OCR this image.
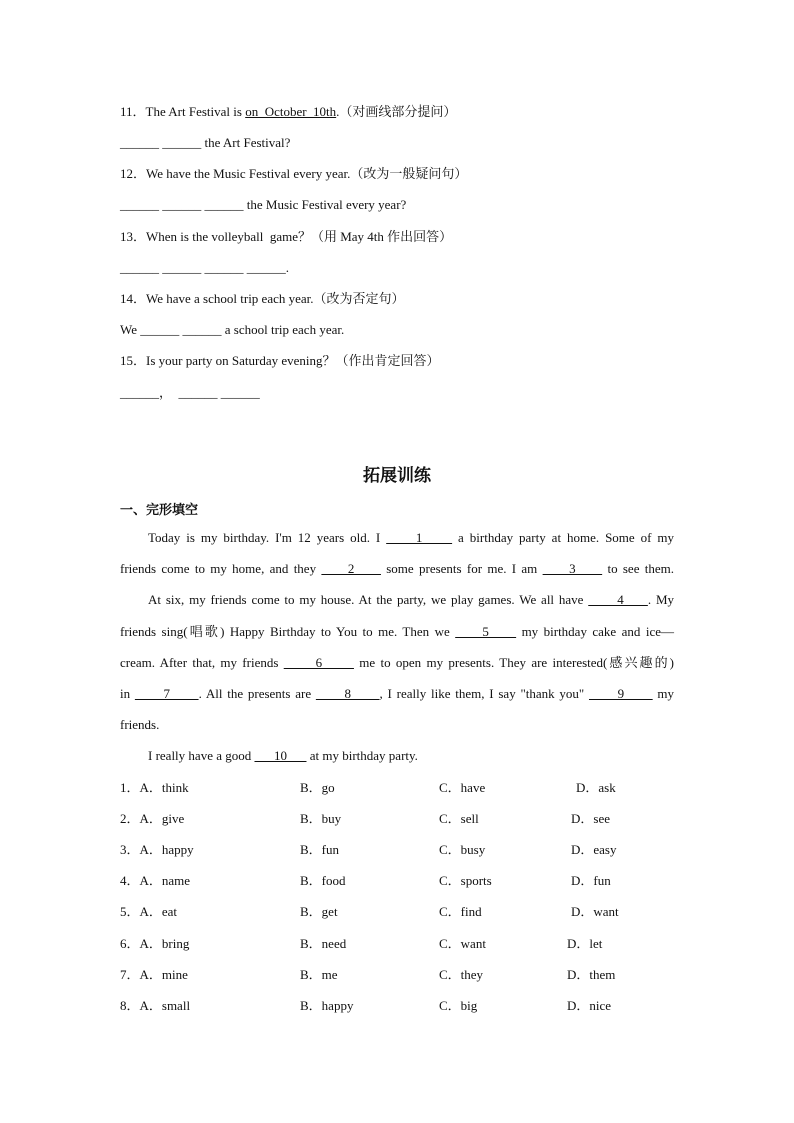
11．The Art Festival is on  October  10th.（对画线部分提问）
______ ______ the Art Festival?
12．We have the Music Festival every year.（改为一般疑问句）
______ ______ ______ the Music Festival every year?
13．When is the volleyball  game？（用 May 4th 作出回答）
______ ______ ______ ______.
14．We have a school trip each year.（改为否定句）
We ______ ______ a school trip each year.
15．Is your party on Saturday evening？（作出肯定回答）
______，  ______ ______
拓展训练
一、完形填空
Today is my birthday. I'm 12 years old. I      1      a birthday party at home. Some of my
friends come to my home, and they      2      some presents for me. I am      3      to see them.
At six, my friends come to my house. At the party, we play games. We all have       4     . My
friends sing(唱歌) Happy Birthday to You to me. Then we      5      my birthday cake and ice—
cream. After that, my friends       6       me to open my presents. They are interested(感兴趣的)
in       7      . All the presents are       8      , I really like them, I say "thank you"       9       my
friends.
I really have a good       10       at my birthday party.
1．A．think	B．go	C．have	D．ask
2．A．give	B．buy	C．sell	D．see
3．A．happy	B．fun	C．busy	D．easy
4．A．name	B．food	C．sports	D．fun
5．A．eat	B．get	C．find	D．want
6．A．bring	B．need	C．want	D．let
7．A．mine	B．me	C．they	D．them
8．A．small	B．happy	C．big	D．nice
